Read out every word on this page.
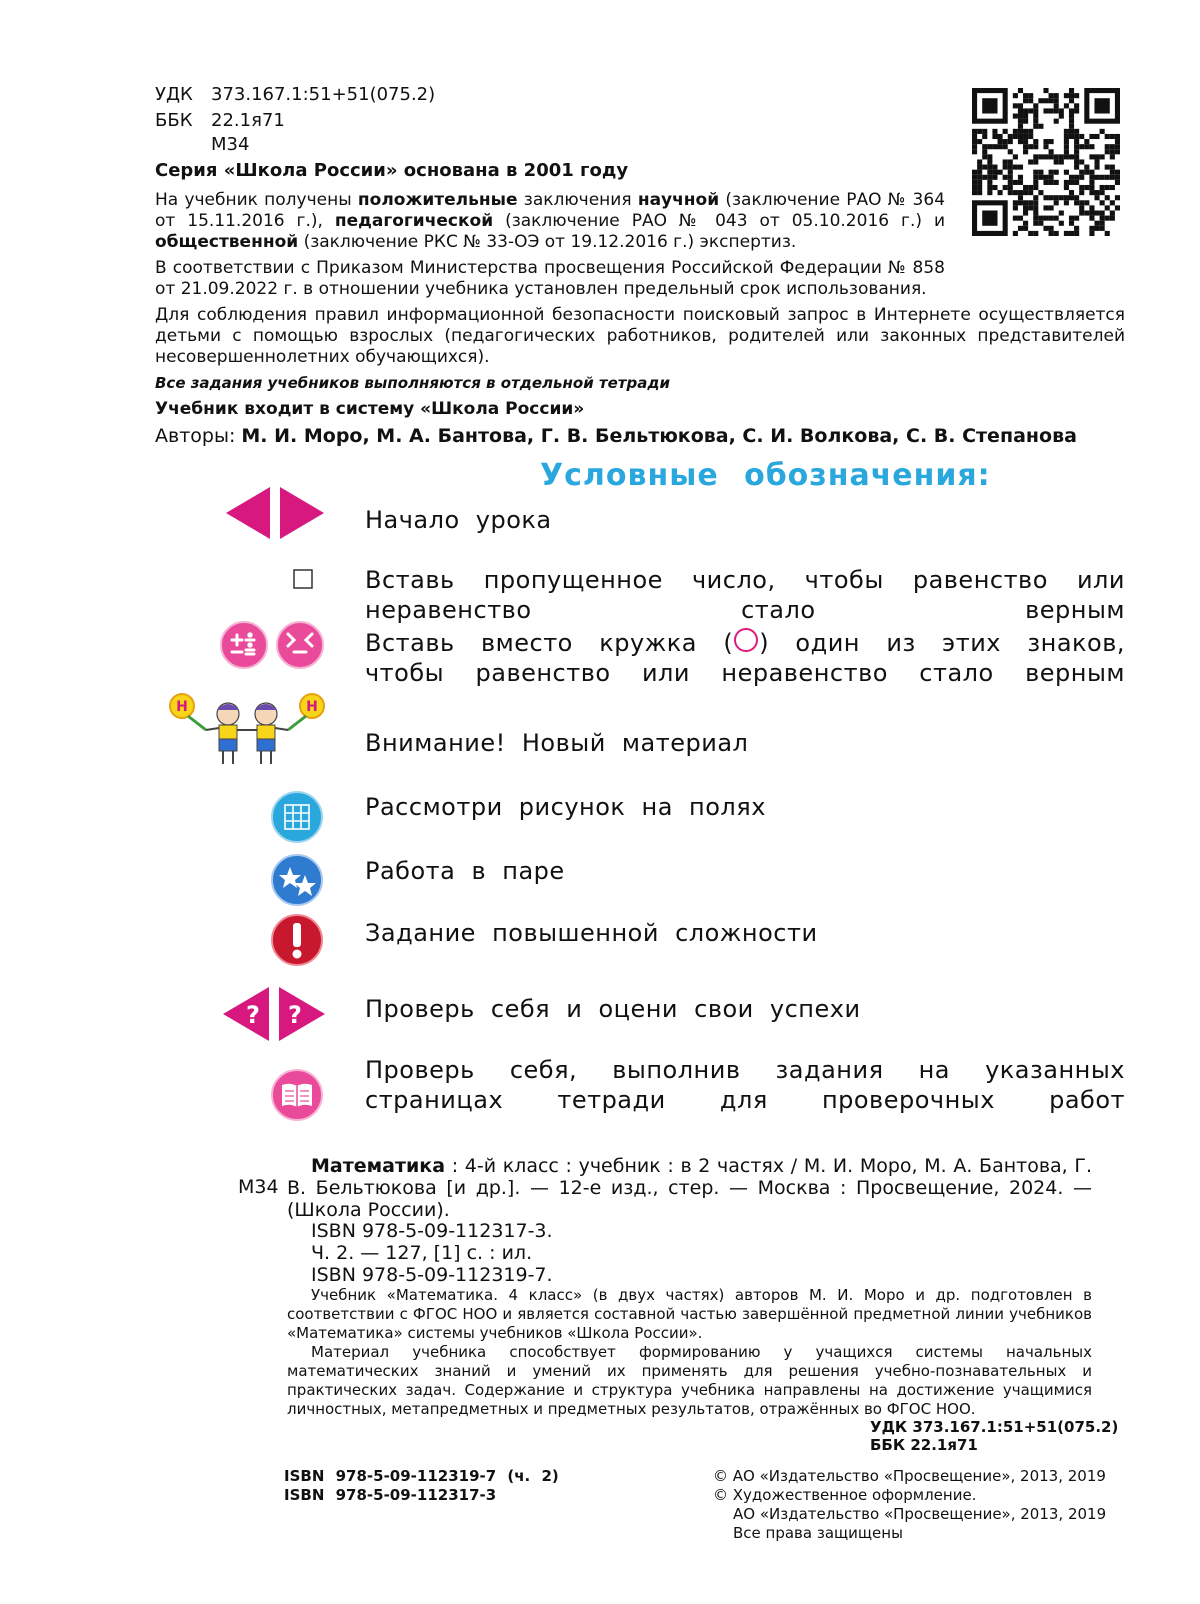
УДК 373.167.1:51+51(075.2)
ББК 22.1я71
М34
Серия «Школа России» основана в 2001 году
На учебник получены положительные заключения научной (заключение РАО № 364 от 15.11.2016 г.), педагогической (заключение РАО № 043 от 05.10.2016 г.) и общественной (заключение РКС № 33-ОЭ от 19.12.2016 г.) экспертиз.
В соответствии с Приказом Министерства просвещения Российской Федерации № 858 от 21.09.2022 г. в отношении учебника установлен предельный срок использования.
Для соблюдения правил информационной безопасности поисковый запрос в Интернете осуществляется детьми с помощью взрослых (педагогических работников, родителей или законных представителей несовершеннолетних обучающихся).
Все задания учебников выполняются в отдельной тетради
Учебник входит в систему «Школа России»
Авторы: М. И. Моро, М. А. Бантова, Г. В. Бельтюкова, С. И. Волкова, С. В. Степанова
Условные обозначения:
Начало урока
Вставь пропущенное число, чтобы равенство или неравенство стало верным
Вставь вместо кружка ( ) один из этих знаков, чтобы равенство или неравенство стало верным
Н	Н
Внимание! Новый материал
Рассмотри рисунок на полях
Работа в паре
Задание повышенной сложности
? ?	Проверь себя и оцени свои успехи
Проверь себя, выполнив задания на указанных страницах тетради для проверочных работ
М34
Математика : 4-й класс : учебник : в 2 частях / М. И. Моро, М. А. Бантова, Г. В. Бельтюкова [и др.]. — 12-е изд., стер. — Москва : Просвещение, 2024. — (Школа России).
ISBN 978-5-09-112317-3.
Ч. 2. — 127, [1] с. : ил.
ISBN 978-5-09-112319-7.
Учебник «Математика. 4 класс» (в двух частях) авторов М. И. Моро и др. подготовлен в соответствии с ФГОС НОО и является составной частью завершённой предметной линии учебников «Математика» системы учебников «Школа России».
Материал учебника способствует формированию у учащихся системы начальных математических знаний и умений их применять для решения учебно-познавательных и практических задач. Содержание и структура учебника направлены на достижение учащимися личностных, метапредметных и предметных результатов, отражённых во ФГОС НОО.
УДК 373.167.1:51+51(075.2)
ББК 22.1я71
ISBN 978-5-09-112319-7 (ч. 2)
ISBN 978-5-09-112317-3
© АО «Издательство «Просвещение», 2013, 2019
© Художественное оформление.
АО «Издательство «Просвещение», 2013, 2019
Все права защищены
